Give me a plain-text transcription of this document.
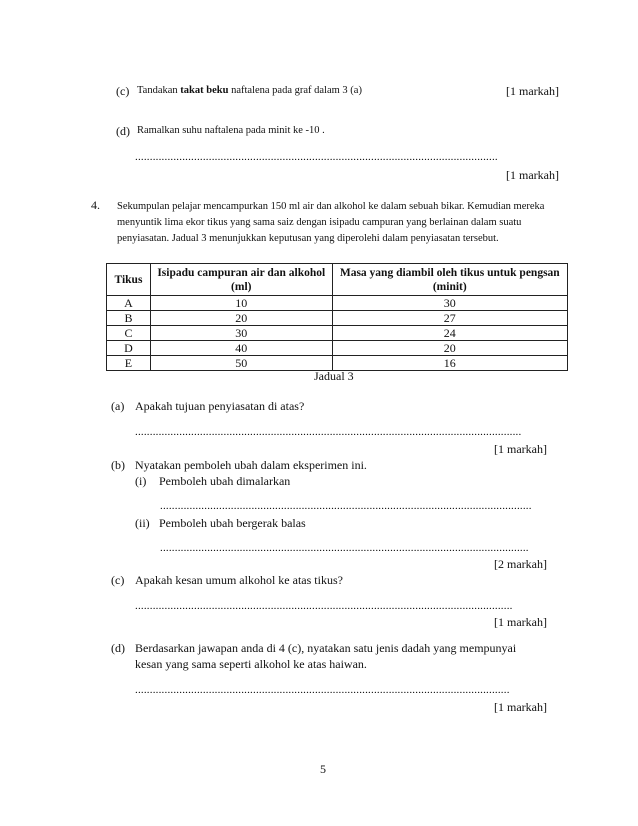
(c) Tandakan takat beku naftalena pada graf dalam 3 (a)	[1 markah]
(d) Ramalkan suhu naftalena pada minit ke -10 .
...........................................................................................................................
[1 markah]
4. Sekumpulan pelajar mencampurkan 150 ml air dan alkohol ke dalam sebuah bikar. Kemudian mereka menyuntik lima ekor tikus yang sama saiz dengan isipadu campuran yang berlainan dalam suatu penyiasatan. Jadual 3 menunjukkan keputusan yang diperolehi dalam penyiasatan tersebut.
Tikus	Isipadu campuran air dan alkohol (ml)	Masa yang diambil oleh tikus untuk pengsan (minit)
A	10	30
B	20	27
C	30	24
D	40	20
E	50	16
Jadual 3
(a) Apakah tujuan penyiasatan di atas?
...................................................................................................................................
[1 markah]
(b) Nyatakan pemboleh ubah dalam eksperimen ini.
(i) Pemboleh ubah dimalarkan
..............................................................................................................................
(ii) Pemboleh ubah bergerak balas
.............................................................................................................................
[2 markah]
(c) Apakah kesan umum alkohol ke atas tikus?
................................................................................................................................
[1 markah]
(d) Berdasarkan jawapan anda di 4 (c), nyatakan satu jenis dadah yang mempunyai
kesan yang sama seperti alkohol ke atas haiwan.
...............................................................................................................................
[1 markah]
5
